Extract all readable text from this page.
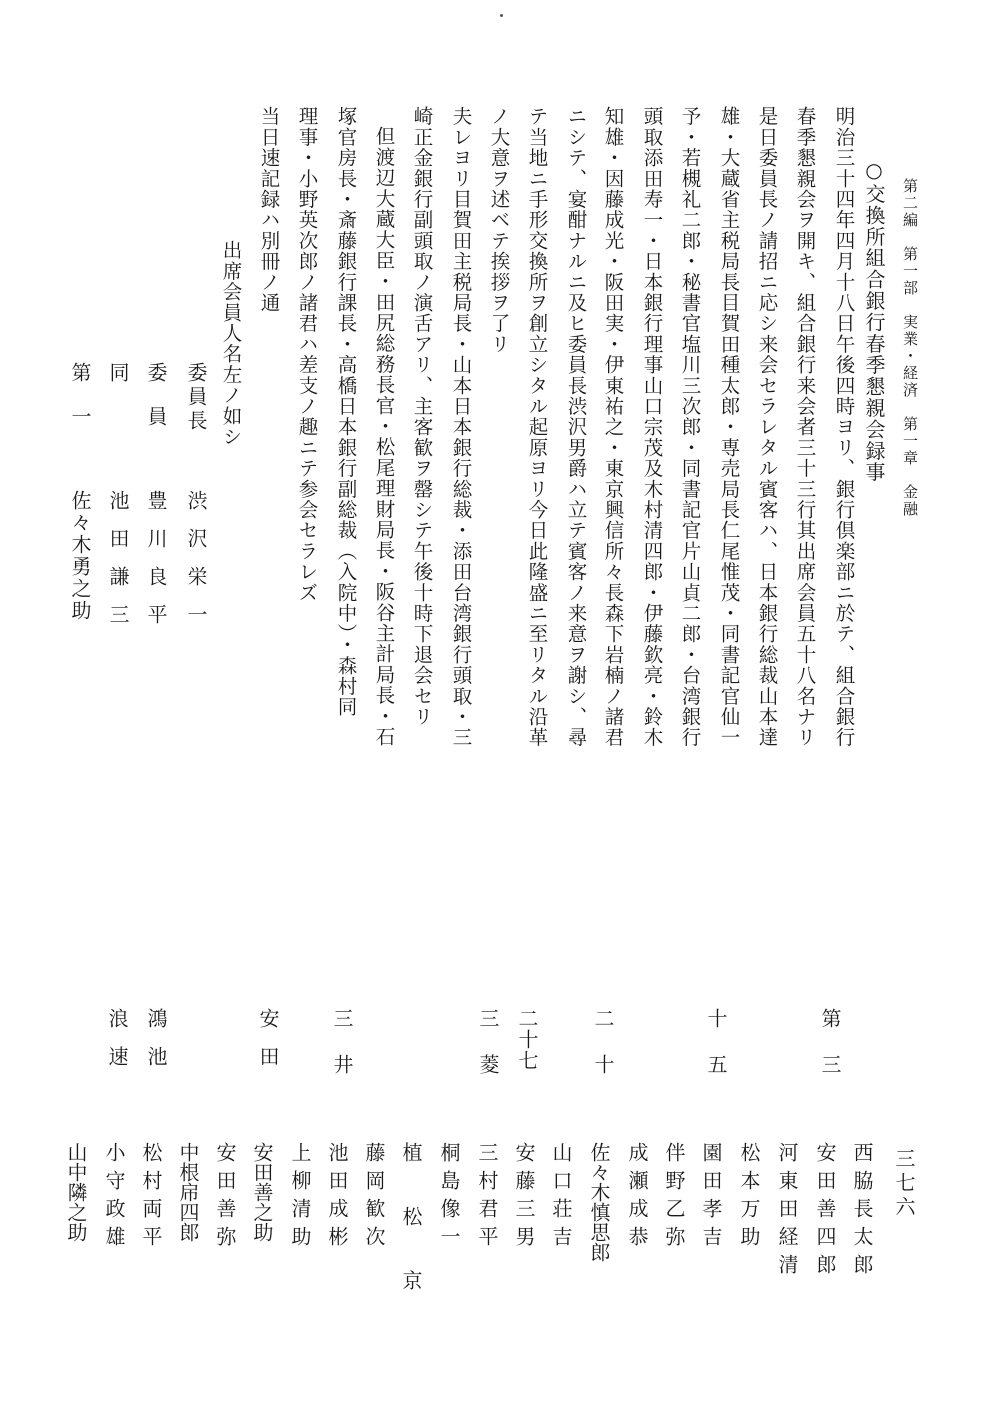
第二編　第一部　実業・経済　第一章　金融
○交換所組合銀行春季懇親会録事
明治三十四年四月十八日午後四時ヨリ、銀行倶楽部ニ於テ、組合銀行
春季懇親会ヲ開キ、組合銀行来会者三十三行其出席会員五十八名ナリ
是日委員長ノ請招ニ応シ来会セラレタル賓客ハ、日本銀行総裁山本達
雄・大蔵省主税局長目賀田種太郎・専売局長仁尾惟茂・同書記官仙一
予・若槻礼二郎・秘書官塩川三次郎・同書記官片山貞二郎・台湾銀行
頭取添田寿一・日本銀行理事山口宗茂及木村清四郎・伊藤欽亮・鈴木
知雄・因藤成光・阪田実・伊東祐之・東京興信所々長森下岩楠ノ諸君
ニシテ、宴酣ナルニ及ヒ委員長渋沢男爵ハ立テ賓客ノ来意ヲ謝シ、尋
テ当地ニ手形交換所ヲ創立シタル起原ヨリ今日此隆盛ニ至リタル沿革
ノ大意ヲ述ベテ挨拶ヲ了リ
夫レヨリ目賀田主税局長・山本日本銀行総裁・添田台湾銀行頭取・三
崎正金銀行副頭取ノ演舌アリ、主客歓ヲ罄シテ午後十時下退会セリ
但渡辺大蔵大臣・田尻総務長官・松尾理財局長・阪谷主計局長・石
塚官房長・斎藤銀行課長・高橋日本銀行副総裁（入院中）・森村同
理事・小野英次郎ノ諸君ハ差支ノ趣ニテ参会セラレズ
当日速記録ハ別冊ノ通
出席会員人名左ノ如シ
委員長
委員
同
第一
渋沢栄一
豊川良平
池田謙三
佐々木勇之助
三七六
第三
十五
二十
二十七
三菱
三井
安田
鴻池
浪速
西脇長太郎
安田善四郎
河東田経清
松本万助
園田孝吉
伴野乙弥
成瀬成恭
佐々木慎思郎
山口荘吉
安藤三男
三村君平
桐島像一
植松京
藤岡歓次
池田成彬
上柳清助
安田善之助
安田善弥
中根帍四郎
松村両平
小守政雄
山中隣之助
